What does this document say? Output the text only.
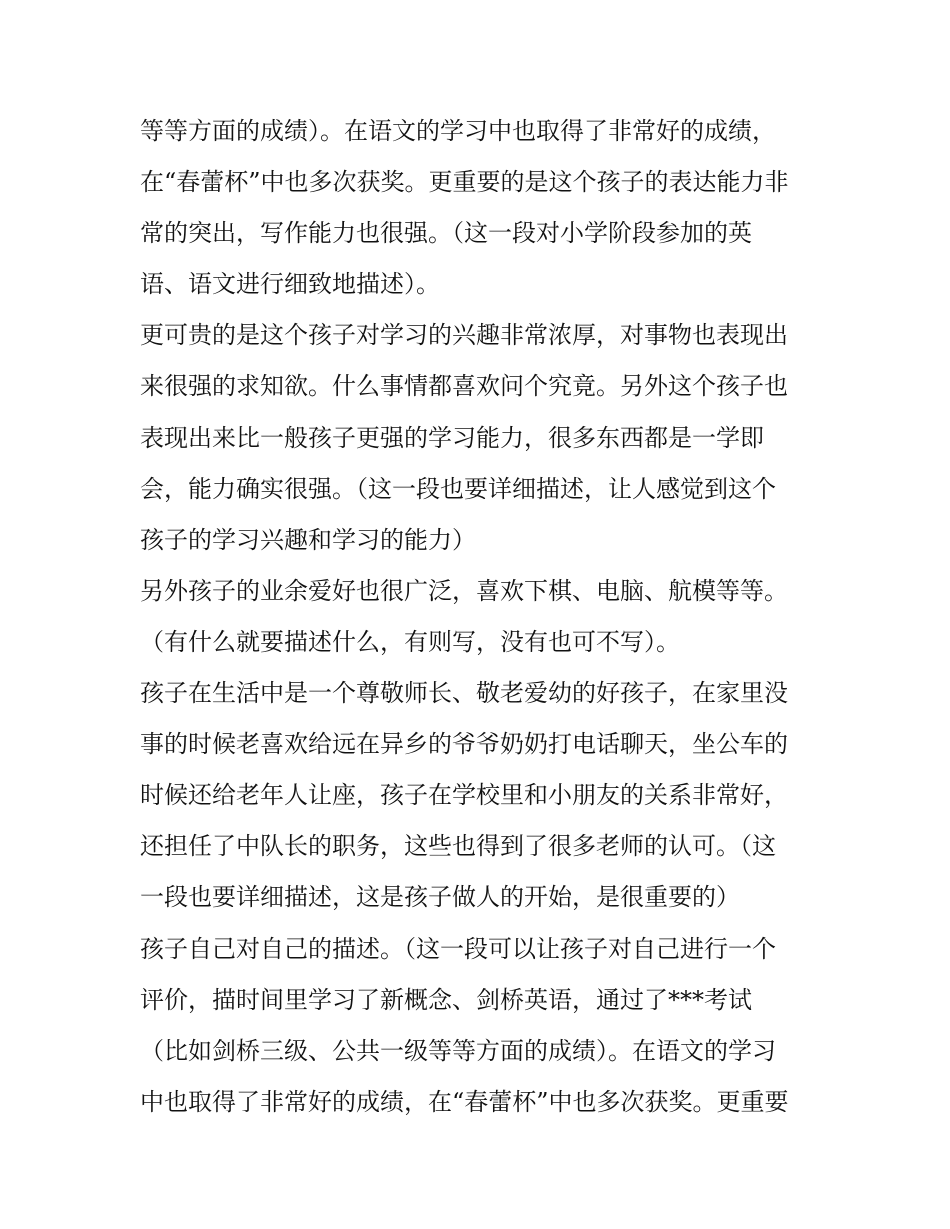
等等方面的成绩）。在语文的学习中也取得了非常好的成绩，
在“春蕾杯”中也多次获奖。更重要的是这个孩子的表达能力非
常的突出，写作能力也很强。（这一段对小学阶段参加的英
语、语文进行细致地描述）。
更可贵的是这个孩子对学习的兴趣非常浓厚，对事物也表现出
来很强的求知欲。什么事情都喜欢问个究竟。另外这个孩子也
表现出来比一般孩子更强的学习能力，很多东西都是一学即
会，能力确实很强。（这一段也要详细描述，让人感觉到这个
孩子的学习兴趣和学习的能力）
另外孩子的业余爱好也很广泛，喜欢下棋、电脑、航模等等。
（有什么就要描述什么，有则写，没有也可不写）。
孩子在生活中是一个尊敬师长、敬老爱幼的好孩子，在家里没
事的时候老喜欢给远在异乡的爷爷奶奶打电话聊天，坐公车的
时候还给老年人让座，孩子在学校里和小朋友的关系非常好，
还担任了中队长的职务，这些也得到了很多老师的认可。（这
一段也要详细描述，这是孩子做人的开始，是很重要的）
孩子自己对自己的描述。（这一段可以让孩子对自己进行一个
评价，描时间里学习了新概念、剑桥英语，通过了***考试
（比如剑桥三级、公共一级等等方面的成绩）。在语文的学习
中也取得了非常好的成绩，在“春蕾杯”中也多次获奖。更重要
